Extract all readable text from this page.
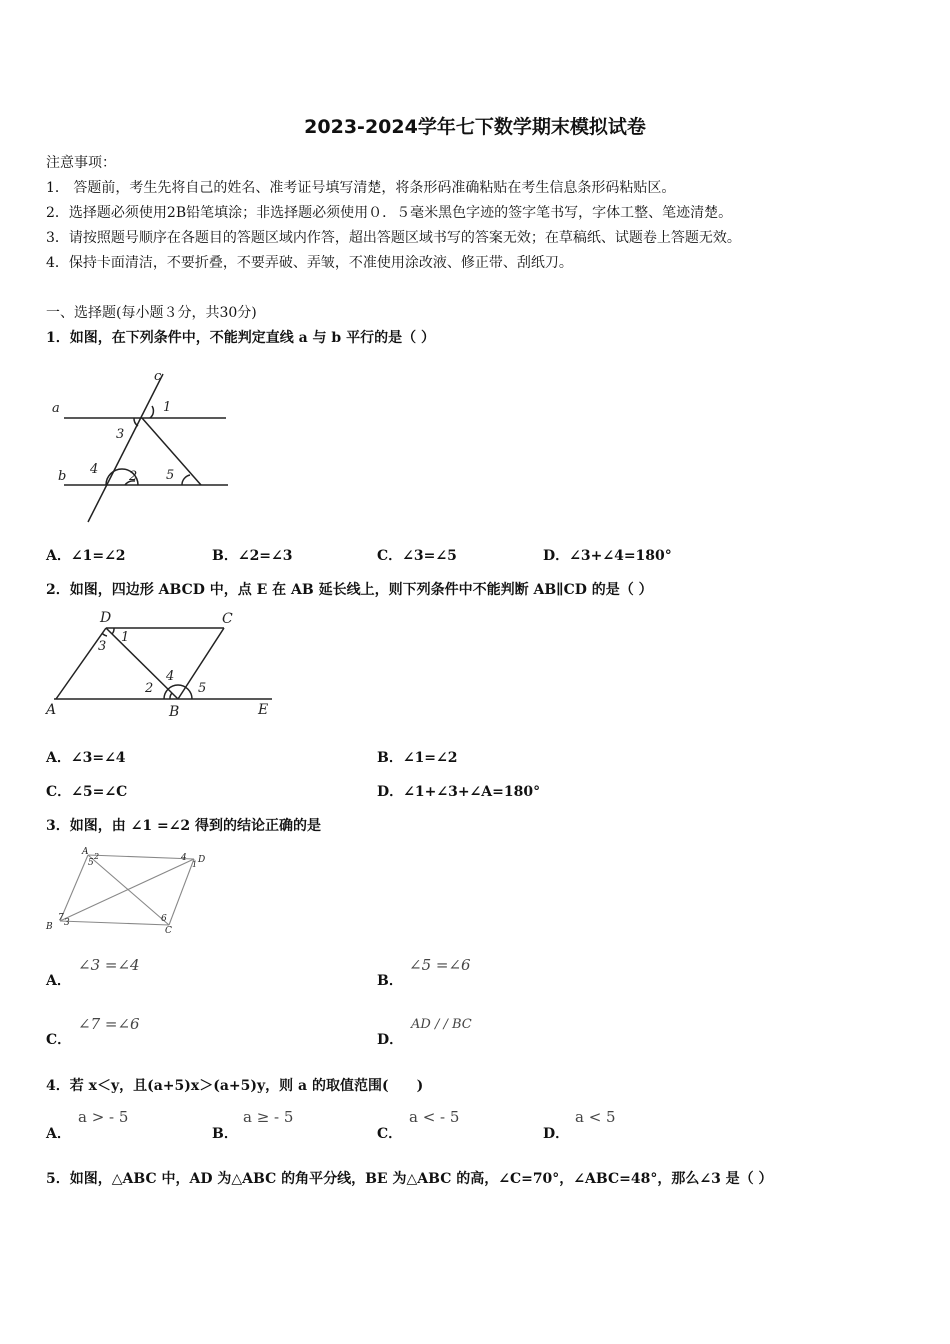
2023-2024学年七下数学期末模拟试卷
注意事项：
1． 答题前，考生先将自己的姓名、准考证号填写清楚，将条形码准确粘贴在考生信息条形码粘贴区。
2．选择题必须使用2B铅笔填涂；非选择题必须使用０．５毫米黑色字迹的签字笔书写，字体工整、笔迹清楚。
3．请按照题号顺序在各题目的答题区域内作答，超出答题区域书写的答案无效；在草稿纸、试题卷上答题无效。
4．保持卡面清洁，不要折叠，不要弄破、弄皱，不准使用涂改液、修正带、刮纸刀。
一、选择题(每小题３分，共30分)
1．如图，在下列条件中，不能判定直线 a 与 b 平行的是（ ）
c
a	1
3
b 4 2 5
A．∠1=∠2	B．∠2=∠3	C．∠3=∠5	D．∠3+∠4=180°
2．如图，四边形 ABCD 中，点 E 在 AB 延长线上，则下列条件中不能判断 AB∥CD 的是（ ）
D	C
1
3
4
2	5
A	B	E
A．∠3=∠4	B．∠1=∠2
C．∠5=∠C	D．∠1+∠3+∠A=180°
3．如图，由 ∠1 =∠2 得到的结论正确的是
A
5
2	4
1 D
7 3
B
6
C
A．
∠3 =∠4
B．
∠5 =∠6
C．
∠7 =∠6
D．
AD / / BC
4．若 x＜y，且(a+5)x＞(a+5)y，则 a 的取值范围(　　)
A．
a > - 5
B．
a ≥ - 5
C．
a < - 5
D．
a < 5
5．如图，△ABC 中，AD 为△ABC 的角平分线，BE 为△ABC 的高，∠C=70°，∠ABC=48°，那么∠3 是（ ）
